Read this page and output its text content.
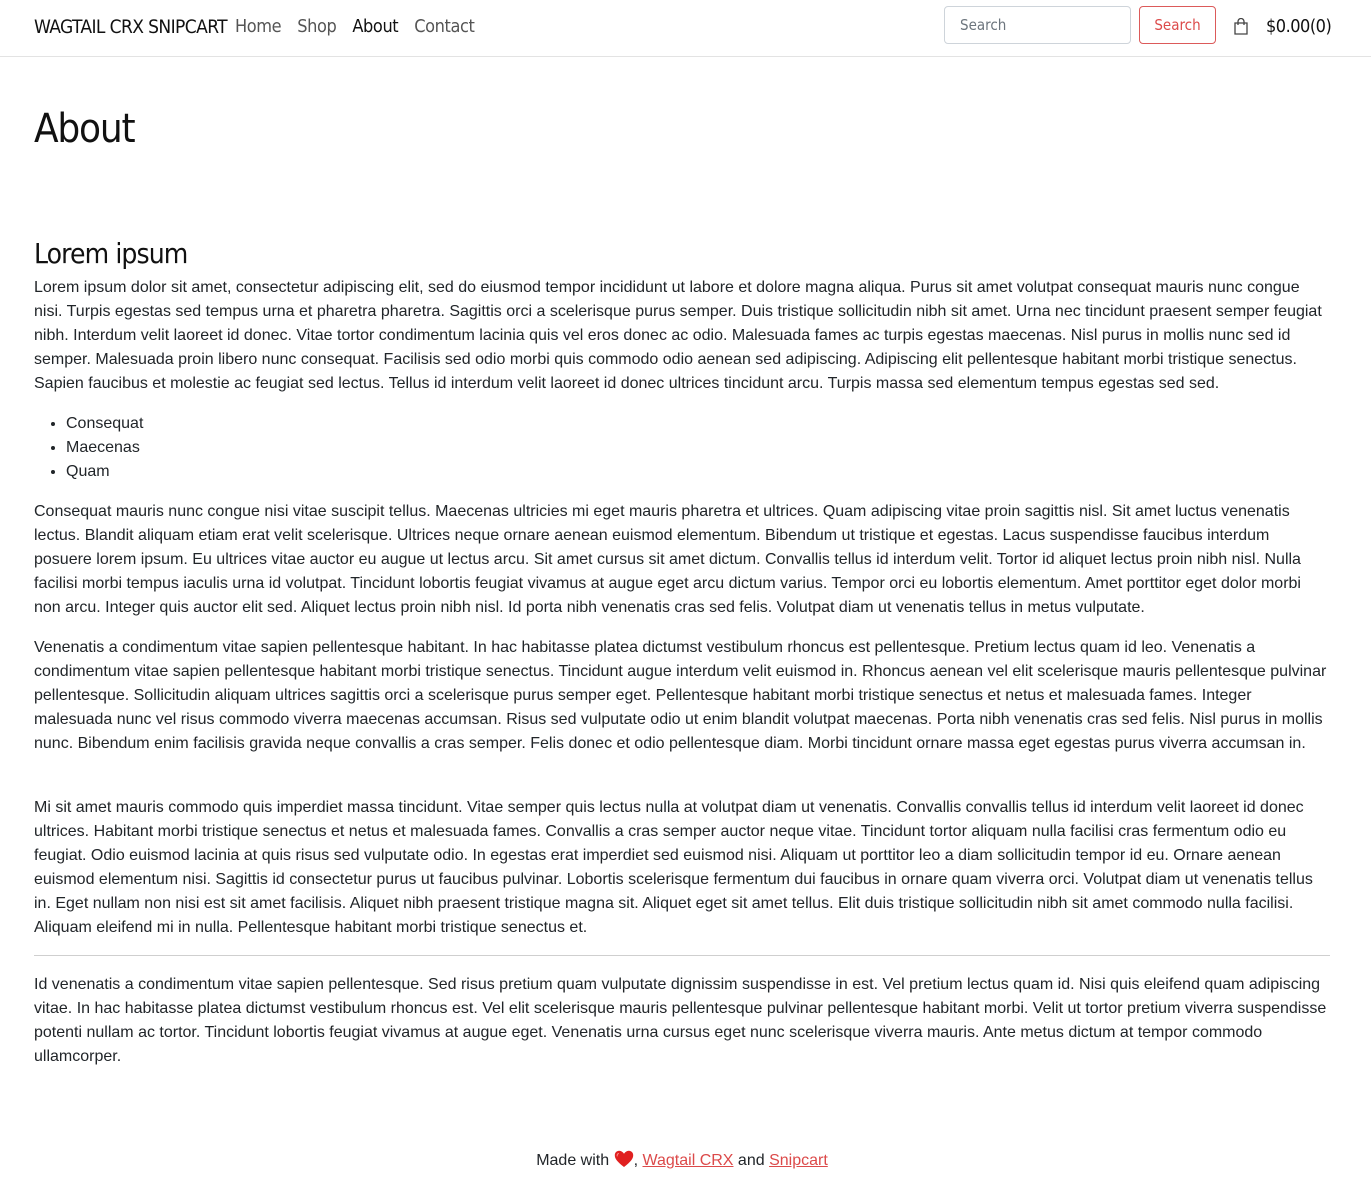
WAGTAIL CRX SNIPCART Home Shop About Contact
Search	Search	$0.00(0)
About
Lorem ipsum

Lorem ipsum dolor sit amet, consectetur adipiscing elit, sed do eiusmod tempor incididunt ut labore et dolore magna aliqua. Purus sit amet volutpat consequat mauris nunc congue nisi. Turpis egestas sed tempus urna et pharetra pharetra. Sagittis orci a scelerisque purus semper. Duis tristique sollicitudin nibh sit amet. Urna nec tincidunt praesent semper feugiat nibh. Interdum velit laoreet id donec. Vitae tortor condimentum lacinia quis vel eros donec ac odio. Malesuada fames ac turpis egestas maecenas. Nisl purus in mollis nunc sed id semper. Malesuada proin libero nunc consequat. Facilisis sed odio morbi quis commodo odio aenean sed adipiscing. Adipiscing elit pellentesque habitant morbi tristique senectus. Sapien faucibus et molestie ac feugiat sed lectus. Tellus id interdum velit laoreet id donec ultrices tincidunt arcu. Turpis massa sed elementum tempus egestas sed sed.

• Consequat
• Maecenas
• Quam

Consequat mauris nunc congue nisi vitae suscipit tellus. Maecenas ultricies mi eget mauris pharetra et ultrices. Quam adipiscing vitae proin sagittis nisl. Sit amet luctus venenatis lectus. Blandit aliquam etiam erat velit scelerisque. Ultrices neque ornare aenean euismod elementum. Bibendum ut tristique et egestas. Lacus suspendisse faucibus interdum posuere lorem ipsum. Eu ultrices vitae auctor eu augue ut lectus arcu. Sit amet cursus sit amet dictum. Convallis tellus id interdum velit. Tortor id aliquet lectus proin nibh nisl. Nulla facilisi morbi tempus iaculis urna id volutpat. Tincidunt lobortis feugiat vivamus at augue eget arcu dictum varius. Tempor orci eu lobortis elementum. Amet porttitor eget dolor morbi non arcu. Integer quis auctor elit sed. Aliquet lectus proin nibh nisl. Id porta nibh venenatis cras sed felis. Volutpat diam ut venenatis tellus in metus vulputate.

Venenatis a condimentum vitae sapien pellentesque habitant. In hac habitasse platea dictumst vestibulum rhoncus est pellentesque. Pretium lectus quam id leo. Venenatis a condimentum vitae sapien pellentesque habitant morbi tristique senectus. Tincidunt augue interdum velit euismod in. Rhoncus aenean vel elit scelerisque mauris pellentesque pulvinar pellentesque. Sollicitudin aliquam ultrices sagittis orci a scelerisque purus semper eget. Pellentesque habitant morbi tristique senectus et netus et malesuada fames. Integer malesuada nunc vel risus commodo viverra maecenas accumsan. Risus sed vulputate odio ut enim blandit volutpat maecenas. Porta nibh venenatis cras sed felis. Nisl purus in mollis nunc. Bibendum enim facilisis gravida neque convallis a cras semper. Felis donec et odio pellentesque diam. Morbi tincidunt ornare massa eget egestas purus viverra accumsan in.

Mi sit amet mauris commodo quis imperdiet massa tincidunt. Vitae semper quis lectus nulla at volutpat diam ut venenatis. Convallis convallis tellus id interdum velit laoreet id donec ultrices. Habitant morbi tristique senectus et netus et malesuada fames. Convallis a cras semper auctor neque vitae. Tincidunt tortor aliquam nulla facilisi cras fermentum odio eu feugiat. Odio euismod lacinia at quis risus sed vulputate odio. In egestas erat imperdiet sed euismod nisi. Aliquam ut porttitor leo a diam sollicitudin tempor id eu. Ornare aenean euismod elementum nisi. Sagittis id consectetur purus ut faucibus pulvinar. Lobortis scelerisque fermentum dui faucibus in ornare quam viverra orci. Volutpat diam ut venenatis tellus in. Eget nullam non nisi est sit amet facilisis. Aliquet nibh praesent tristique magna sit. Aliquet eget sit amet tellus. Elit duis tristique sollicitudin nibh sit amet commodo nulla facilisi. Aliquam eleifend mi in nulla. Pellentesque habitant morbi tristique senectus et.

Id venenatis a condimentum vitae sapien pellentesque. Sed risus pretium quam vulputate dignissim suspendisse in est. Vel pretium lectus quam id. Nisi quis eleifend quam adipiscing vitae. In hac habitasse platea dictumst vestibulum rhoncus est. Vel elit scelerisque mauris pellentesque pulvinar pellentesque habitant morbi. Velit ut tortor pretium viverra suspendisse potenti nullam ac tortor. Tincidunt lobortis feugiat vivamus at augue eget. Venenatis urna cursus eget nunc scelerisque viverra mauris. Ante metus dictum at tempor commodo ullamcorper.

Made with , Wagtail CRX and Snipcart
